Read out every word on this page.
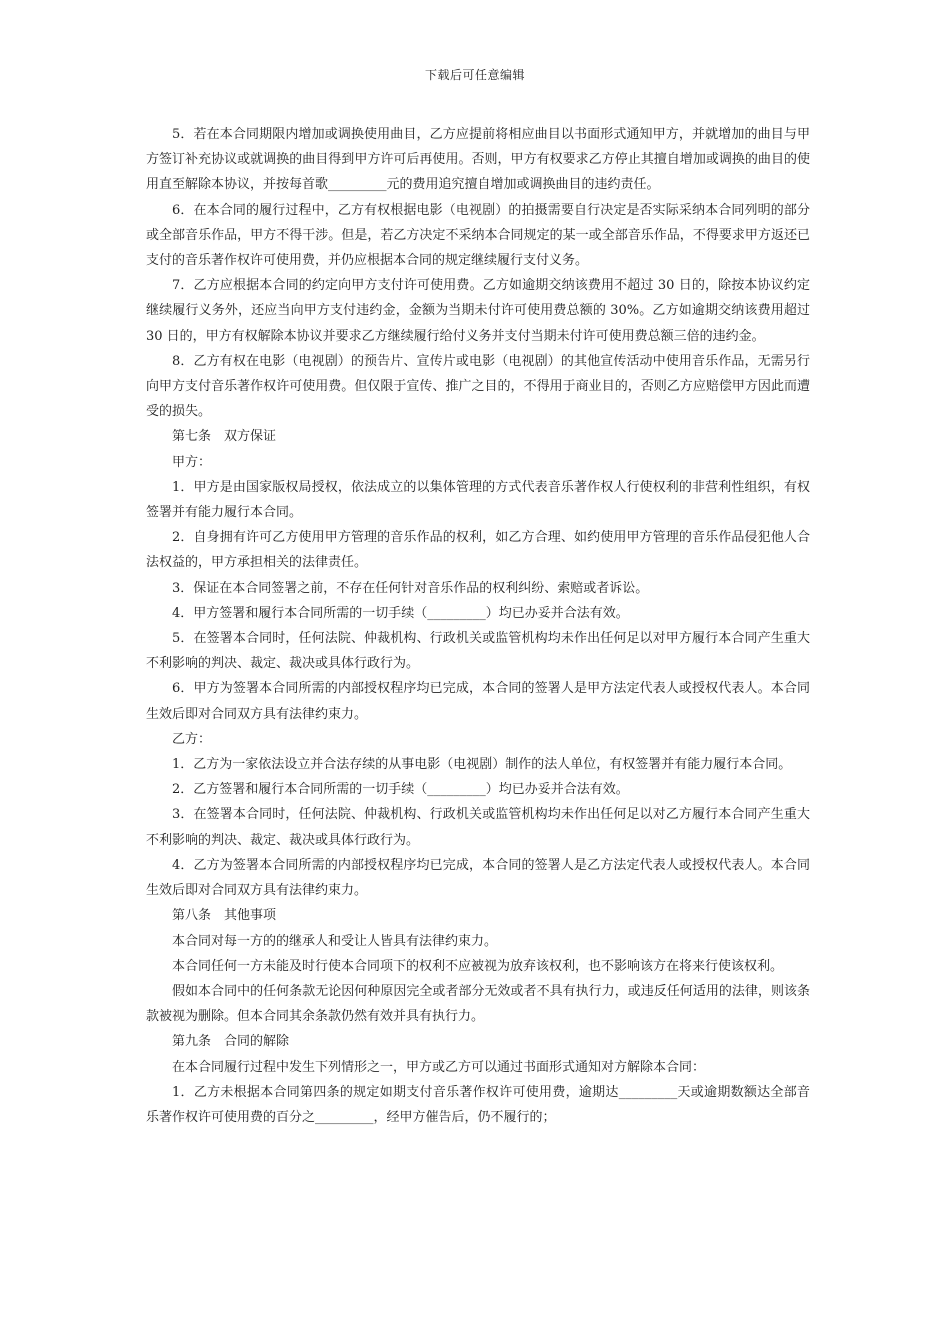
下载后可任意编辑

5．若在本合同期限内增加或调换使用曲目，乙方应提前将相应曲目以书面形式通知甲方，并就增加的曲目与甲方签订补充协议或就调换的曲目得到甲方许可后再使用。否则，甲方有权要求乙方停止其擅自增加或调换的曲目的使用直至解除本协议，并按每首歌_________元的费用追究擅自增加或调换曲目的违约责任。

6．在本合同的履行过程中，乙方有权根据电影（电视剧）的拍摄需要自行决定是否实际采纳本合同列明的部分或全部音乐作品，甲方不得干涉。但是，若乙方决定不采纳本合同规定的某一或全部音乐作品，不得要求甲方返还已支付的音乐著作权许可使用费，并仍应根据本合同的规定继续履行支付义务。

7．乙方应根据本合同的约定向甲方支付许可使用费。乙方如逾期交纳该费用不超过 30 日的，除按本协议约定继续履行义务外，还应当向甲方支付违约金，金额为当期未付许可使用费总额的 30%。乙方如逾期交纳该费用超过 30 日的，甲方有权解除本协议并要求乙方继续履行给付义务并支付当期未付许可使用费总额三倍的违约金。

8．乙方有权在电影（电视剧）的预告片、宣传片或电影（电视剧）的其他宣传活动中使用音乐作品，无需另行向甲方支付音乐著作权许可使用费。但仅限于宣传、推广之目的，不得用于商业目的，否则乙方应赔偿甲方因此而遭受的损失。

第七条　双方保证

甲方：

1．甲方是由国家版权局授权，依法成立的以集体管理的方式代表音乐著作权人行使权利的非营利性组织，有权签署并有能力履行本合同。

2．自身拥有许可乙方使用甲方管理的音乐作品的权利，如乙方合理、如约使用甲方管理的音乐作品侵犯他人合法权益的，甲方承担相关的法律责任。

3．保证在本合同签署之前，不存在任何针对音乐作品的权利纠纷、索赔或者诉讼。

4．甲方签署和履行本合同所需的一切手续（_________）均已办妥并合法有效。

5．在签署本合同时，任何法院、仲裁机构、行政机关或监管机构均未作出任何足以对甲方履行本合同产生重大不利影响的判决、裁定、裁决或具体行政行为。

6．甲方为签署本合同所需的内部授权程序均已完成，本合同的签署人是甲方法定代表人或授权代表人。本合同生效后即对合同双方具有法律约束力。

乙方：

1．乙方为一家依法设立并合法存续的从事电影（电视剧）制作的法人单位，有权签署并有能力履行本合同。

2．乙方签署和履行本合同所需的一切手续（_________）均已办妥并合法有效。

3．在签署本合同时，任何法院、仲裁机构、行政机关或监管机构均未作出任何足以对乙方履行本合同产生重大不利影响的判决、裁定、裁决或具体行政行为。

4．乙方为签署本合同所需的内部授权程序均已完成，本合同的签署人是乙方法定代表人或授权代表人。本合同生效后即对合同双方具有法律约束力。

第八条　其他事项

本合同对每一方的的继承人和受让人皆具有法律约束力。

本合同任何一方未能及时行使本合同项下的权利不应被视为放弃该权利，也不影响该方在将来行使该权利。

假如本合同中的任何条款无论因何种原因完全或者部分无效或者不具有执行力，或违反任何适用的法律，则该条款被视为删除。但本合同其余条款仍然有效并具有执行力。

第九条　合同的解除

在本合同履行过程中发生下列情形之一，甲方或乙方可以通过书面形式通知对方解除本合同：

1．乙方未根据本合同第四条的规定如期支付音乐著作权许可使用费，逾期达_________天或逾期数额达全部音乐著作权许可使用费的百分之_________，经甲方催告后，仍不履行的；
